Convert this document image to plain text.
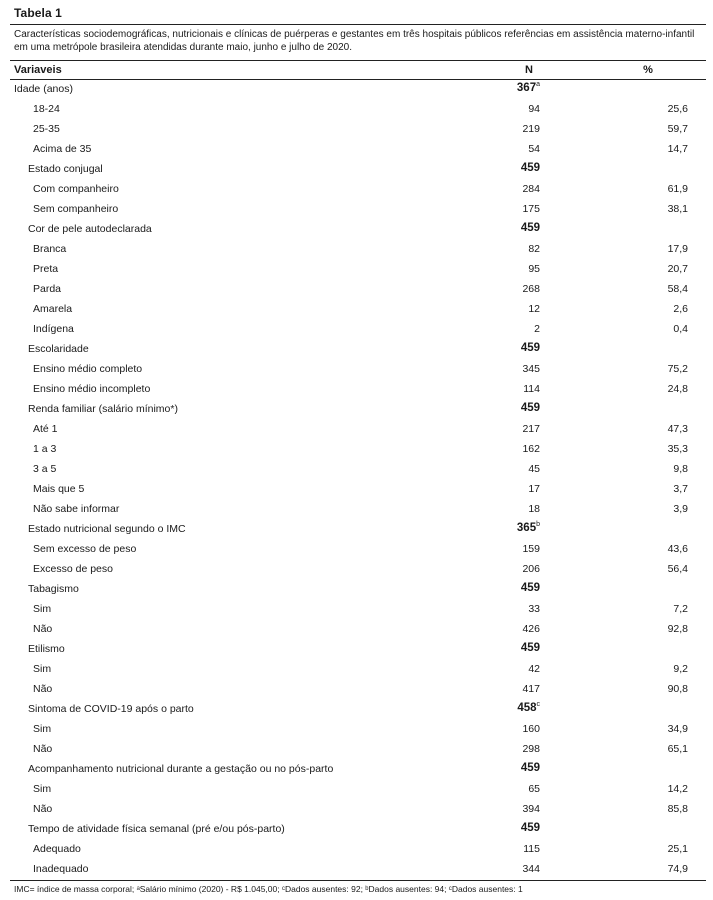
Tabela 1
Características sociodemográficas, nutricionais e clínicas de puérperas e gestantes em três hospitais públicos referências em assistência materno-infantil em uma metrópole brasileira atendidas durante maio, junho e julho de 2020.
Variaveis	N	%
Idade (anos)	367$^a$
18-24	94	25,6
25-35	219	59,7
Acima de 35	54	14,7
Estado conjugal	459
Com companheiro	284	61,9
Sem companheiro	175	38,1
Cor de pele autodeclarada	459
Branca	82	17,9
Preta	95	20,7
Parda	268	58,4
Amarela	12	2,6
Indígena	2	0,4
Escolaridade	459
Ensino médio completo	345	75,2
Ensino médio incompleto	114	24,8
Renda familiar (salário mínimo*)	459
Até 1	217	47,3
1 a 3	162	35,3
3 a 5	45	9,8
Mais que 5	17	3,7
Não sabe informar	18	3,9
Estado nutricional segundo o IMC	365$^b$
Sem excesso de peso	159	43,6
Excesso de peso	206	56,4
Tabagismo	459
Sim	33	7,2
Não	426	92,8
Etilismo	459
Sim	42	9,2
Não	417	90,8
Sintoma de COVID-19 após o parto	458$^c$
Sim	160	34,9
Não	298	65,1
Acompanhamento nutricional durante a gestação ou no pós-parto	459
Sim	65	14,2
Não	394	85,8
Tempo de atividade física semanal (pré e/ou pós-parto)	459
Adequado	115	25,1
Inadequado	344	74,9
IMC= índice de massa corporal; ᵃSalário mínimo (2020) - R$ 1.045,00; ᶜDados ausentes: 92; ᵇDados ausentes: 94; ᶜDados ausentes: 1
